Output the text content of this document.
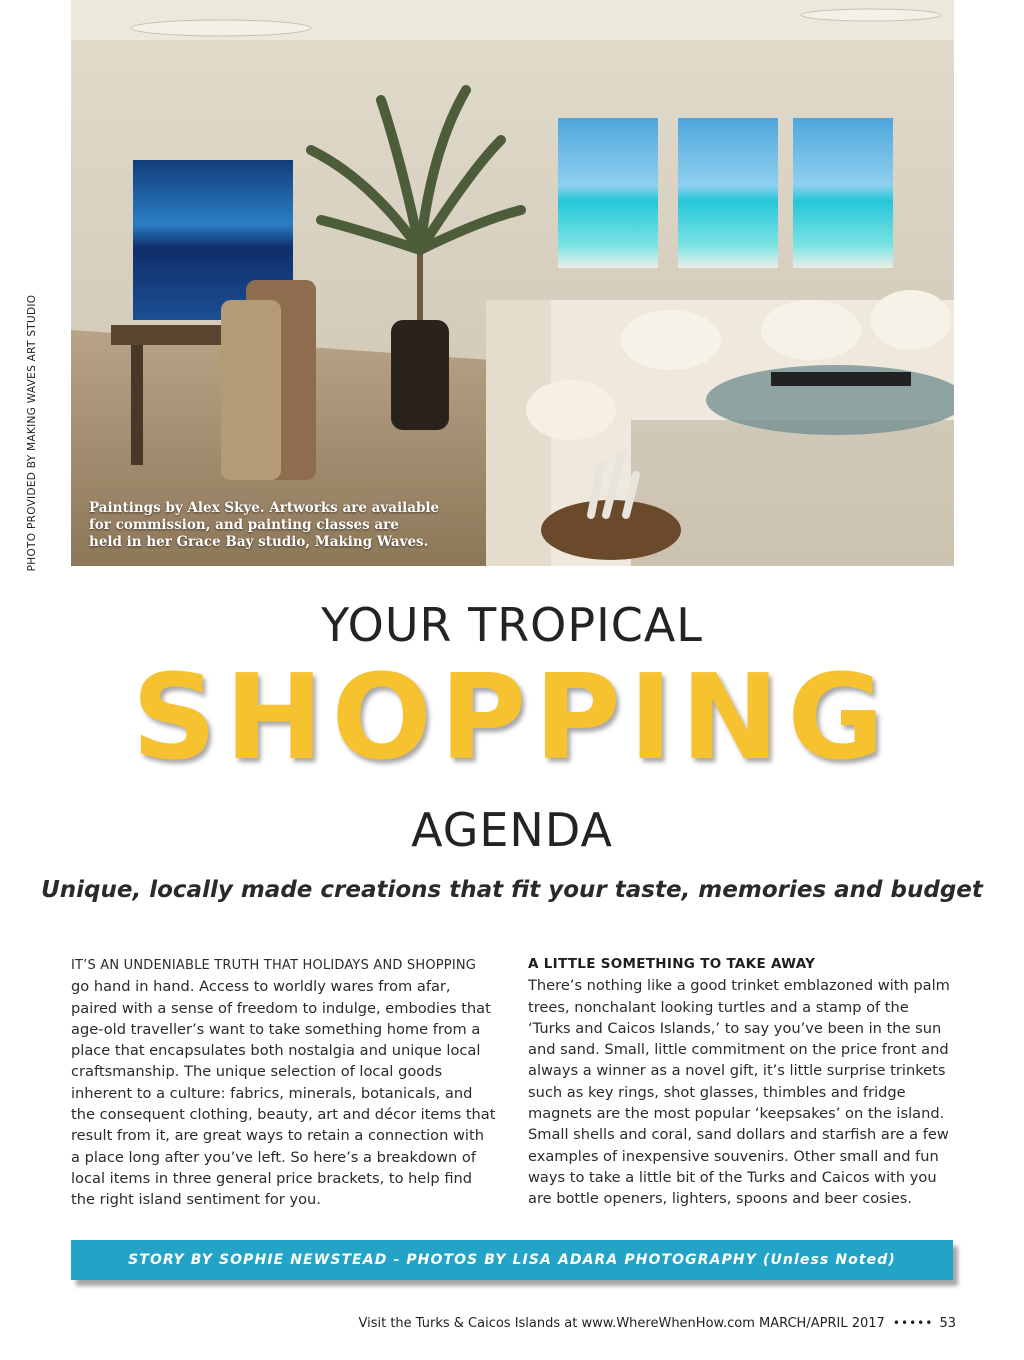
PHOTO PROVIDED BY MAKING WAVES ART STUDIO	Paintings by Alex Skye. Artworks are available
for commission, and painting classes are
held in her Grace Bay studio, Making Waves.
YOUR TROPICAL
SHOPPING
AGENDA
Unique, locally made creations that fit your taste, memories and budget
IT’S AN UNDENIABLE TRUTH THAT HOLIDAYS AND SHOPPING go hand in hand. Access to worldly wares from afar, paired with a sense of freedom to indulge, embodies that age-old traveller’s want to take something home from a place that encapsulates both nostalgia and unique local craftsmanship. The unique selection of local goods inherent to a culture: fabrics, minerals, botanicals, and the consequent clothing, beauty, art and décor items that result from it, are great ways to retain a connection with a place long after you’ve left. So here’s a breakdown of local items in three general price brackets, to help find the right island sentiment for you.
A LITTLE SOMETHING TO TAKE AWAY
There’s nothing like a good trinket emblazoned with palm trees, nonchalant looking turtles and a stamp of the ‘Turks and Caicos Islands,’ to say you’ve been in the sun and sand. Small, little commitment on the price front and always a winner as a novel gift, it’s little surprise trinkets such as key rings, shot glasses, thimbles and fridge magnets are the most popular ‘keepsakes’ on the island. Small shells and coral, sand dollars and starfish are a few examples of inexpensive souvenirs. Other small and fun ways to take a little bit of the Turks and Caicos with you are bottle openers, lighters, spoons and beer cosies.
STORY BY SOPHIE NEWSTEAD - PHOTOS BY LISA ADARA PHOTOGRAPHY (Unless Noted)
Visit the Turks & Caicos Islands at www.WhereWhenHow.com MARCH/APRIL 2017 ••••• 53
